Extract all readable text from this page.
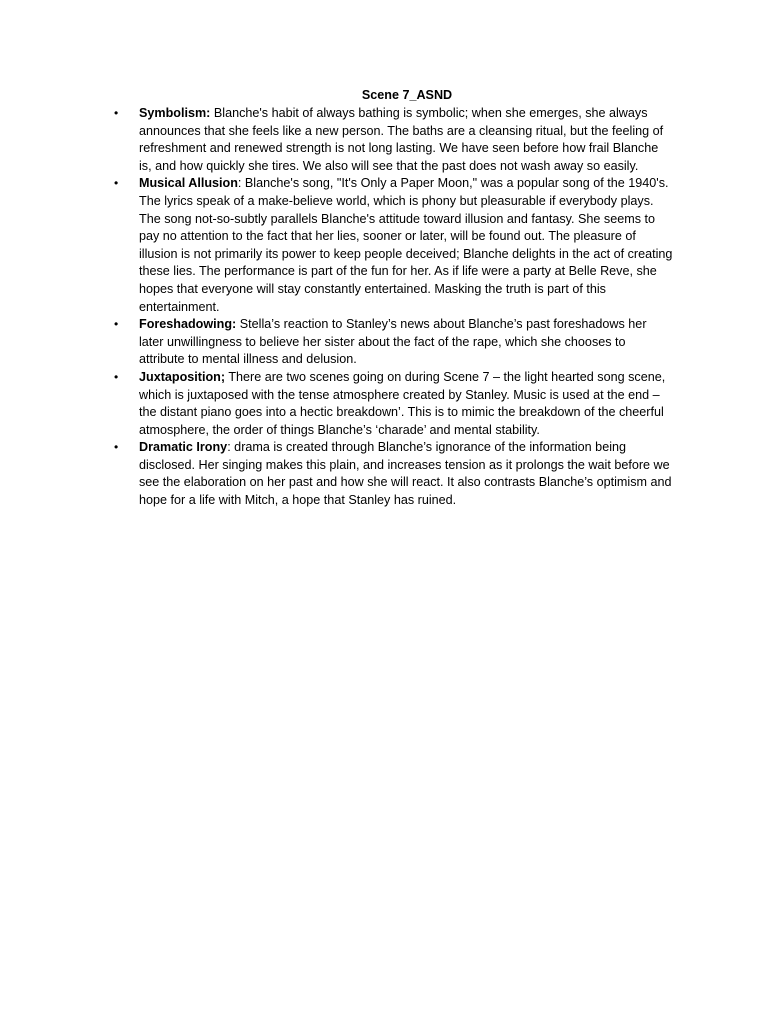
Scene 7_ASND
• Symbolism: Blanche's habit of always bathing is symbolic; when she emerges, she always announces that she feels like a new person. The baths are a cleansing ritual, but the feeling of refreshment and renewed strength is not long lasting. We have seen before how frail Blanche is, and how quickly she tires. We also will see that the past does not wash away so easily.
• Musical Allusion: Blanche's song, "It's Only a Paper Moon," was a popular song of the 1940's. The lyrics speak of a make-believe world, which is phony but pleasurable if everybody plays. The song not-so-subtly parallels Blanche's attitude toward illusion and fantasy. She seems to pay no attention to the fact that her lies, sooner or later, will be found out. The pleasure of illusion is not primarily its power to keep people deceived; Blanche delights in the act of creating these lies. The performance is part of the fun for her. As if life were a party at Belle Reve, she hopes that everyone will stay constantly entertained. Masking the truth is part of this entertainment.
• Foreshadowing: Stella’s reaction to Stanley’s news about Blanche’s past foreshadows her later unwillingness to believe her sister about the fact of the rape, which she chooses to attribute to mental illness and delusion.
• Juxtaposition; There are two scenes going on during Scene 7 – the light hearted song scene, which is juxtaposed with the tense atmosphere created by Stanley. Music is used at the end – the distant piano goes into a hectic breakdown’. This is to mimic the breakdown of the cheerful atmosphere, the order of things Blanche’s ‘charade’ and mental stability.
• Dramatic Irony: drama is created through Blanche’s ignorance of the information being disclosed. Her singing makes this plain, and increases tension as it prolongs the wait before we see the elaboration on her past and how she will react. It also contrasts Blanche’s optimism and hope for a life with Mitch, a hope that Stanley has ruined.
